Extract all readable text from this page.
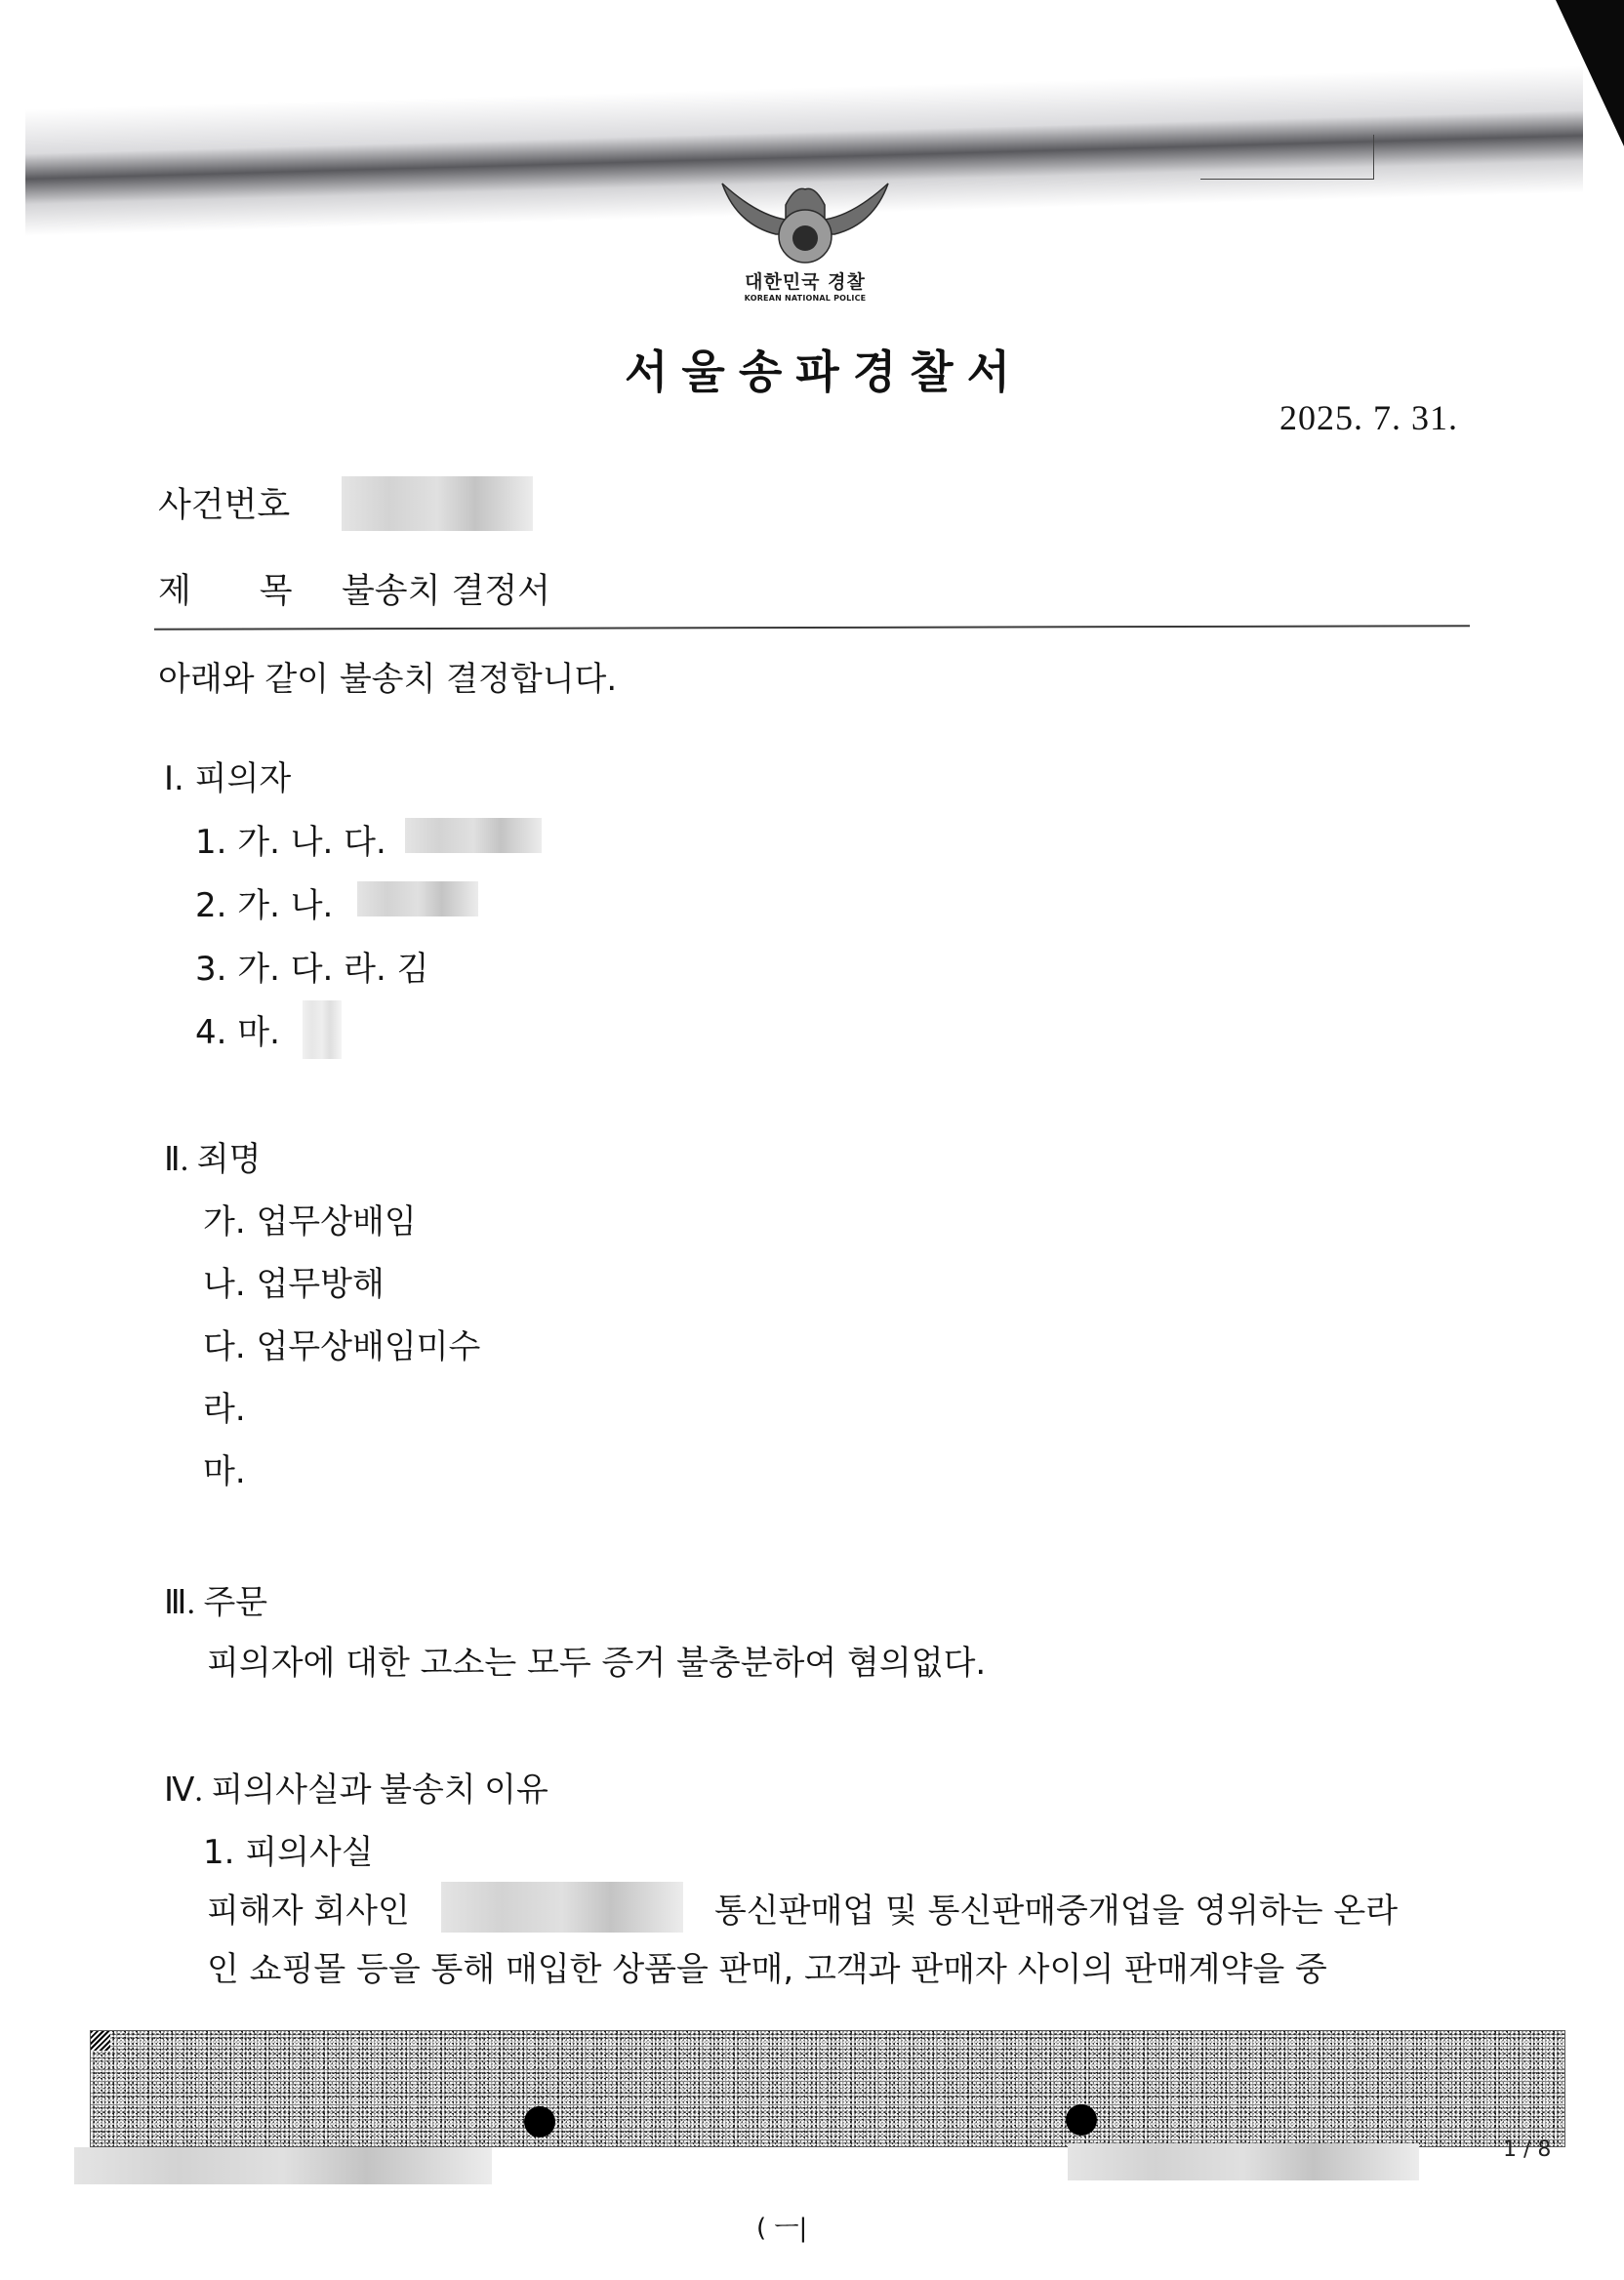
대한민국 경찰
KOREAN NATIONAL POLICE
서울송파경찰서
2025. 7. 31.
사건번호
제　　목 불송치 결정서
아래와 같이 불송치 결정합니다.
Ⅰ. 피의자
1. 가. 나. 다.
2. 가. 나.
3. 가. 다. 라. 김
4. 마.
Ⅱ. 죄명
가. 업무상배임
나. 업무방해
다. 업무상배임미수
라.
마.
Ⅲ. 주문
피의자에 대한 고소는 모두 증거 불충분하여 혐의없다.
Ⅳ. 피의사실과 불송치 이유
1. 피의사실
피해자 회사인	통신판매업 및 통신판매중개업을 영위하는 온라
인 쇼핑몰 등을 통해 매입한 상품을 판매, 고객과 판매자 사이의 판매계약을 중
1 / 8
( ㅡ|
